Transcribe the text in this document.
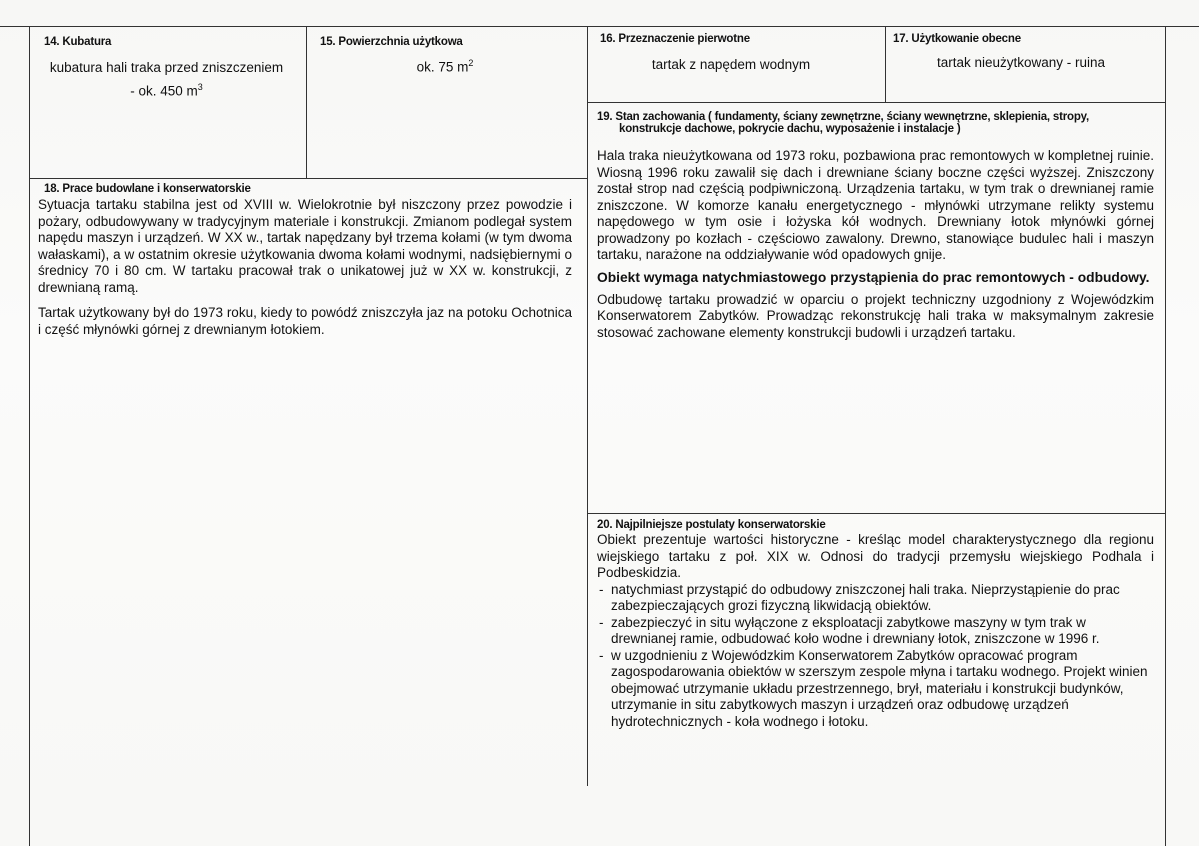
14. Kubatura
kubatura hali traka przed zniszczeniem
- ok. 450 $m^3$
15. Powierzchnia użytkowa
ok. 75 $m^2$
16. Przeznaczenie pierwotne
tartak z napędem wodnym
17. Użytkowanie obecne
tartak nieużytkowany - ruina
18. Prace budowlane i konserwatorskie

Sytuacja tartaku stabilna jest od XVIII w. Wielokrotnie był niszczony przez powodzie i pożary, odbudowywany w tradycyjnym materiale i konstrukcji. Zmianom podlegał system napędu maszyn i urządzeń. W XX w., tartak napędzany był trzema kołami (w tym dwoma wałaskami), a w ostatnim okresie użytkowania dwoma kołami wodnymi, nadsiębiernymi o średnicy 70 i 80 cm. W tartaku pracował trak o unikatowej już w XX w. konstrukcji, z drewnianą ramą.

Tartak użytkowany był do 1973 roku, kiedy to powódź zniszczyła jaz na potoku Ochotnica i część młynówki górnej z drewnianym łotokiem.

19. Stan zachowania ( fundamenty, ściany zewnętrzne, ściany wewnętrzne, sklepienia, stropy,
konstrukcje dachowe, pokrycie dachu, wyposażenie i instalacje )

Hala traka nieużytkowana od 1973 roku, pozbawiona prac remontowych w kompletnej ruinie. Wiosną 1996 roku zawalił się dach i drewniane ściany boczne części wyższej. Zniszczony został strop nad częścią podpiwniczoną. Urządzenia tartaku, w tym trak o drewnianej ramie zniszczone. W komorze kanału energetycznego - młynówki utrzymane relikty systemu napędowego w tym osie i łożyska kół wodnych. Drewniany łotok młynówki górnej prowadzony po kozłach - częściowo zawalony. Drewno, stanowiące budulec hali i maszyn tartaku, narażone na oddziaływanie wód opadowych gnije.

Obiekt wymaga natychmiastowego przystąpienia do prac remontowych - odbudowy.

Odbudowę tartaku prowadzić w oparciu o projekt techniczny uzgodniony z Wojewódzkim Konserwatorem Zabytków. Prowadząc rekonstrukcję hali traka w maksymalnym zakresie stosować zachowane elementy konstrukcji budowli i urządzeń tartaku.

20. Najpilniejsze postulaty konserwatorskie

Obiekt prezentuje wartości historyczne - kreśląc model charakterystycznego dla regionu wiejskiego tartaku z poł. XIX w. Odnosi do tradycji przemysłu wiejskiego Podhala i Podbeskidzia.

- natychmiast przystąpić do odbudowy zniszczonej hali traka. Nieprzystąpienie do prac zabezpieczających grozi fizyczną likwidacją obiektów.
- zabezpieczyć in situ wyłączone z eksploatacji zabytkowe maszyny w tym trak w drewnianej ramie, odbudować koło wodne i drewniany łotok, zniszczone w 1996 r.
- w uzgodnieniu z Wojewódzkim Konserwatorem Zabytków opracować program zagospodarowania obiektów w szerszym zespole młyna i tartaku wodnego. Projekt winien obejmować utrzymanie układu przestrzennego, brył, materiału i konstrukcji budynków, utrzymanie in situ zabytkowych maszyn i urządzeń oraz odbudowę urządzeń hydrotechnicznych - koła wodnego i łotoku.
